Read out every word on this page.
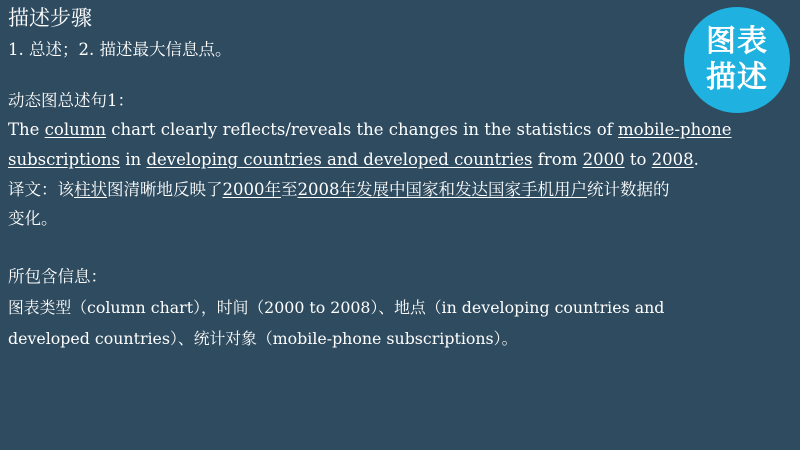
图表
描述
描述步骤
1. 总述；2. 描述最大信息点。
动态图总述句1：
The column chart clearly reflects/reveals the changes in the statistics of mobile-phone
subscriptions in developing countries and developed countries from 2000 to 2008.
译文：该柱状图清晰地反映了2000年至2008年发展中国家和发达国家手机用户统计数据的
变化。
所包含信息：
图表类型（column chart），时间（2000 to 2008）、地点（in developing countries and
developed countries）、统计对象（mobile-phone subscriptions）。
